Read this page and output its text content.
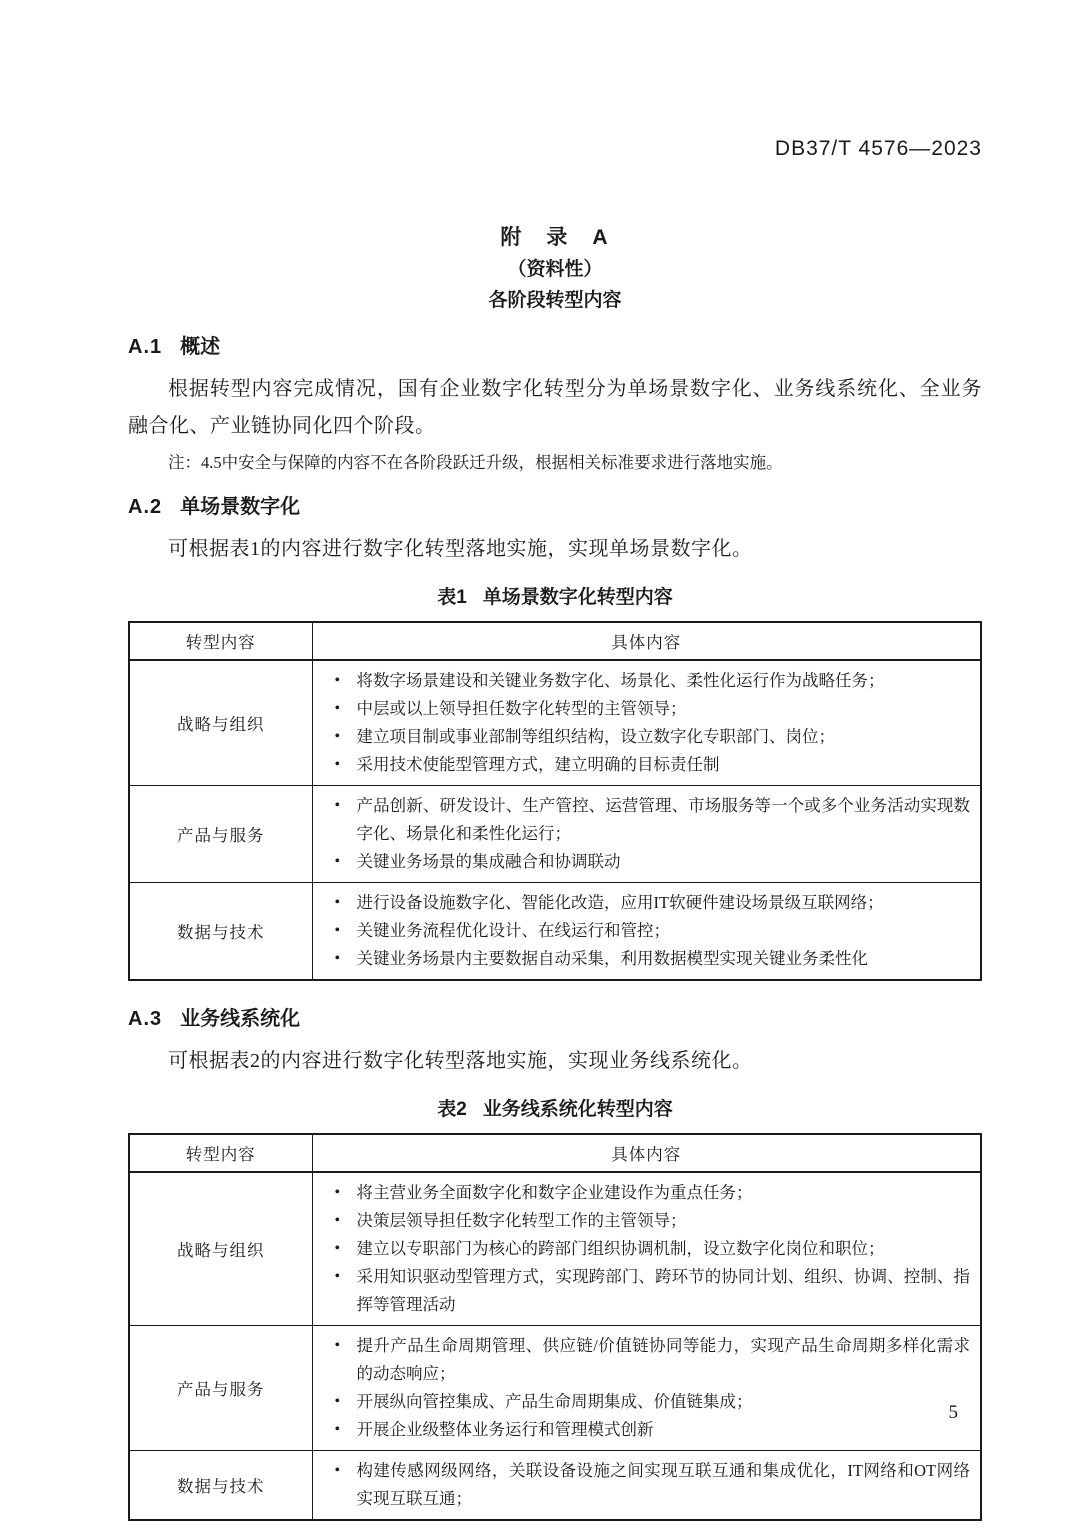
DB37/T 4576—2023
附　录　A
（资料性）
各阶段转型内容
A.1 概述
根据转型内容完成情况，国有企业数字化转型分为单场景数字化、业务线系统化、全业务融合化、产业链协同化四个阶段。
注：4.5中安全与保障的内容不在各阶段跃迁升级，根据相关标准要求进行落地实施。
A.2 单场景数字化
可根据表1的内容进行数字化转型落地实施，实现单场景数字化。
表1 单场景数字化转型内容
转型内容	具体内容
战略与组织	
• 将数字场景建设和关键业务数字化、场景化、柔性化运行作为战略任务；
• 中层或以上领导担任数字化转型的主管领导；
• 建立项目制或事业部制等组织结构，设立数字化专职部门、岗位；
• 采用技术使能型管理方式，建立明确的目标责任制

产品与服务	
• 产品创新、研发设计、生产管控、运营管理、市场服务等一个或多个业务活动实现数字化、场景化和柔性化运行；
• 关键业务场景的集成融合和协调联动

数据与技术	
• 进行设备设施数字化、智能化改造，应用IT软硬件建设场景级互联网络；
• 关键业务流程优化设计、在线运行和管控；
• 关键业务场景内主要数据自动采集，利用数据模型实现关键业务柔性化
A.3 业务线系统化
可根据表2的内容进行数字化转型落地实施，实现业务线系统化。
表2 业务线系统化转型内容
转型内容	具体内容
战略与组织	
• 将主营业务全面数字化和数字企业建设作为重点任务；
• 决策层领导担任数字化转型工作的主管领导；
• 建立以专职部门为核心的跨部门组织协调机制，设立数字化岗位和职位；
• 采用知识驱动型管理方式，实现跨部门、跨环节的协同计划、组织、协调、控制、指挥等管理活动

产品与服务	
• 提升产品生命周期管理、供应链/价值链协同等能力，实现产品生命周期多样化需求的动态响应；
• 开展纵向管控集成、产品生命周期集成、价值链集成；
• 开展企业级整体业务运行和管理模式创新

数据与技术	
• 构建传感网级网络，关联设备设施之间实现互联互通和集成优化，IT网络和OT网络实现互联互通；
5
